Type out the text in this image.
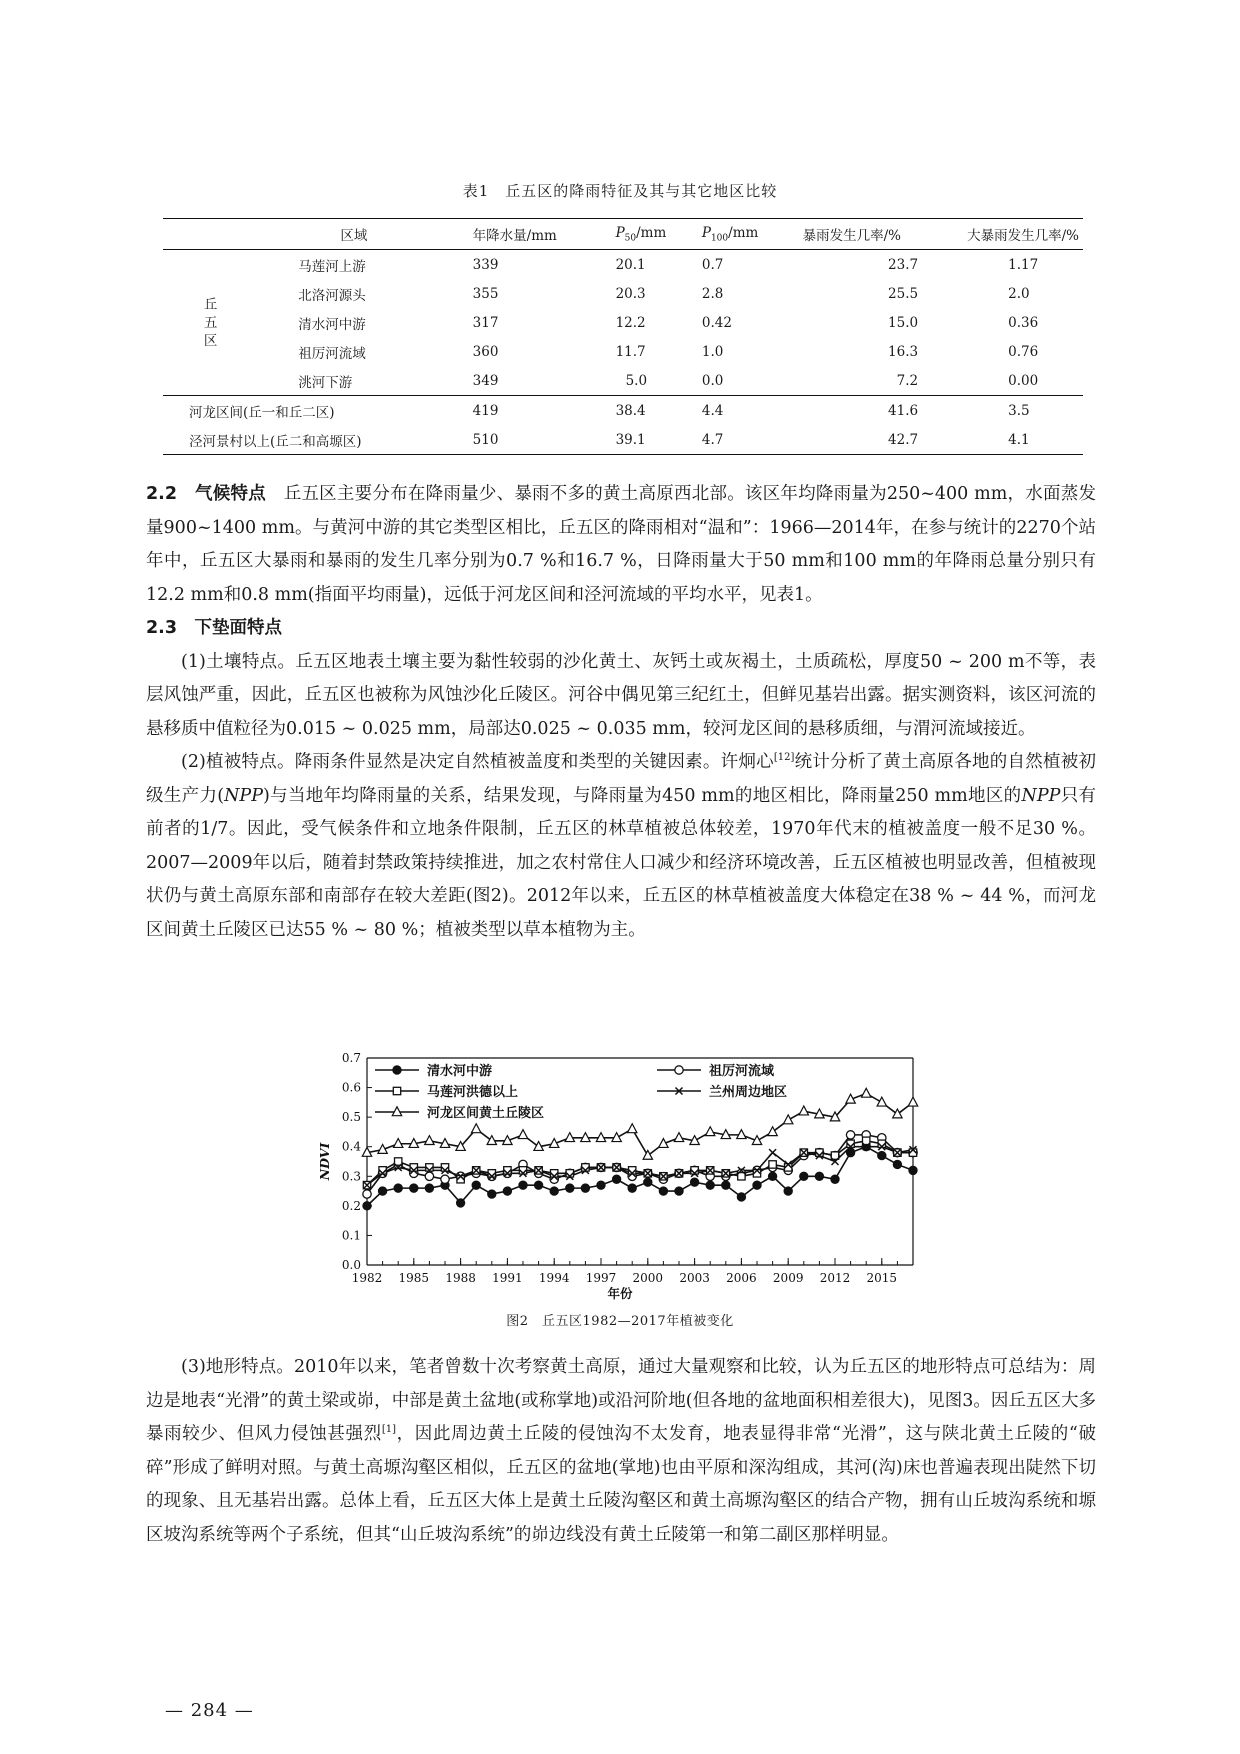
表1　丘五区的降雨特征及其与其它地区比较
区域		年降水量/mm	$P_{50}/mm$	$P_{100}/mm$	暴雨发生几率/%	大暴雨发生几率/%
丘
五
区	马莲河上游	339	20.1	0.7	23.7	1.17
	北洛河源头	355	20.3	2.8	25.5	2.0
	清水河中游	317	12.2	0.42	15.0	0.36
	祖厉河流域	360	11.7	1.0	16.3	0.76
	洮河下游	349	5.0	0.0	7.2	0.00
河龙区间(丘一和丘二区)		419	38.4	4.4	41.6	3.5
泾河景村以上(丘二和高塬区)		510	39.1	4.7	42.7	4.1

2.2　气候特点　 丘五区主要分布在降雨量少、暴雨不多的黄土高原西北部。该区年均降雨量为250~400 mm，水面蒸发量900~1400 mm。与黄河中游的其它类型区相比，丘五区的降雨相对“温和”：1966—2014年，在参与统计的2270个站年中，丘五区大暴雨和暴雨的发生几率分别为0.7 %和16.7 %，日降雨量大于50 mm和100 mm的年降雨总量分别只有12.2 mm和0.8 mm(指面平均雨量)，远低于河龙区间和泾河流域的平均水平，见表1。

2.3　下垫面特点

(1)土壤特点。丘五区地表土壤主要为黏性较弱的沙化黄土、灰钙土或灰褐土，土质疏松，厚度50 ~ 200 m不等，表层风蚀严重，因此，丘五区也被称为风蚀沙化丘陵区。河谷中偶见第三纪红土，但鲜见基岩出露。据实测资料，该区河流的悬移质中值粒径为0.015 ~ 0.025 mm，局部达0.025 ~ 0.035 mm，较河龙区间的悬移质细，与渭河流域接近。

(2)植被特点。降雨条件显然是决定自然植被盖度和类型的关键因素。许炯心[12]统计分析了黄土高原各地的自然植被初级生产力(NPP)与当地年均降雨量的关系，结果发现，与降雨量为450 mm的地区相比，降雨量250 mm地区的NPP只有前者的1/7。因此，受气候条件和立地条件限制，丘五区的林草植被总体较差，1970年代末的植被盖度一般不足30 %。2007—2009年以后，随着封禁政策持续推进，加之农村常住人口减少和经济环境改善，丘五区植被也明显改善，但植被现状仍与黄土高原东部和南部存在较大差距(图2)。2012年以来，丘五区的林草植被盖度大体稳定在38 % ~ 44 %，而河龙区间黄土丘陵区已达55 % ~ 80 %；植被类型以草本植物为主。

0.0
0.1
0.2
0.3
0.4
0.5
0.6
0.7
1982 1985 1988 1991 1994 1997 2000 2003 2006 2009 2012 2015
年份
NDVI
清水河中游	祖厉河流域
马莲河洪德以上	兰州周边地区
河龙区间黄土丘陵区
图2　丘五区1982—2017年植被变化

(3)地形特点。2010年以来，笔者曾数十次考察黄土高原，通过大量观察和比较，认为丘五区的地形特点可总结为：周边是地表“光滑”的黄土梁或峁，中部是黄土盆地(或称掌地)或沿河阶地(但各地的盆地面积相差很大)，见图3。因丘五区大多暴雨较少、但风力侵蚀甚强烈[1]，因此周边黄土丘陵的侵蚀沟不太发育，地表显得非常“光滑”，这与陕北黄土丘陵的“破碎”形成了鲜明对照。与黄土高塬沟壑区相似，丘五区的盆地(掌地)也由平原和深沟组成，其河(沟)床也普遍表现出陡然下切的现象、且无基岩出露。总体上看，丘五区大体上是黄土丘陵沟壑区和黄土高塬沟壑区的结合产物，拥有山丘坡沟系统和塬区坡沟系统等两个子系统，但其“山丘坡沟系统”的峁边线没有黄土丘陵第一和第二副区那样明显。

— 284 —
